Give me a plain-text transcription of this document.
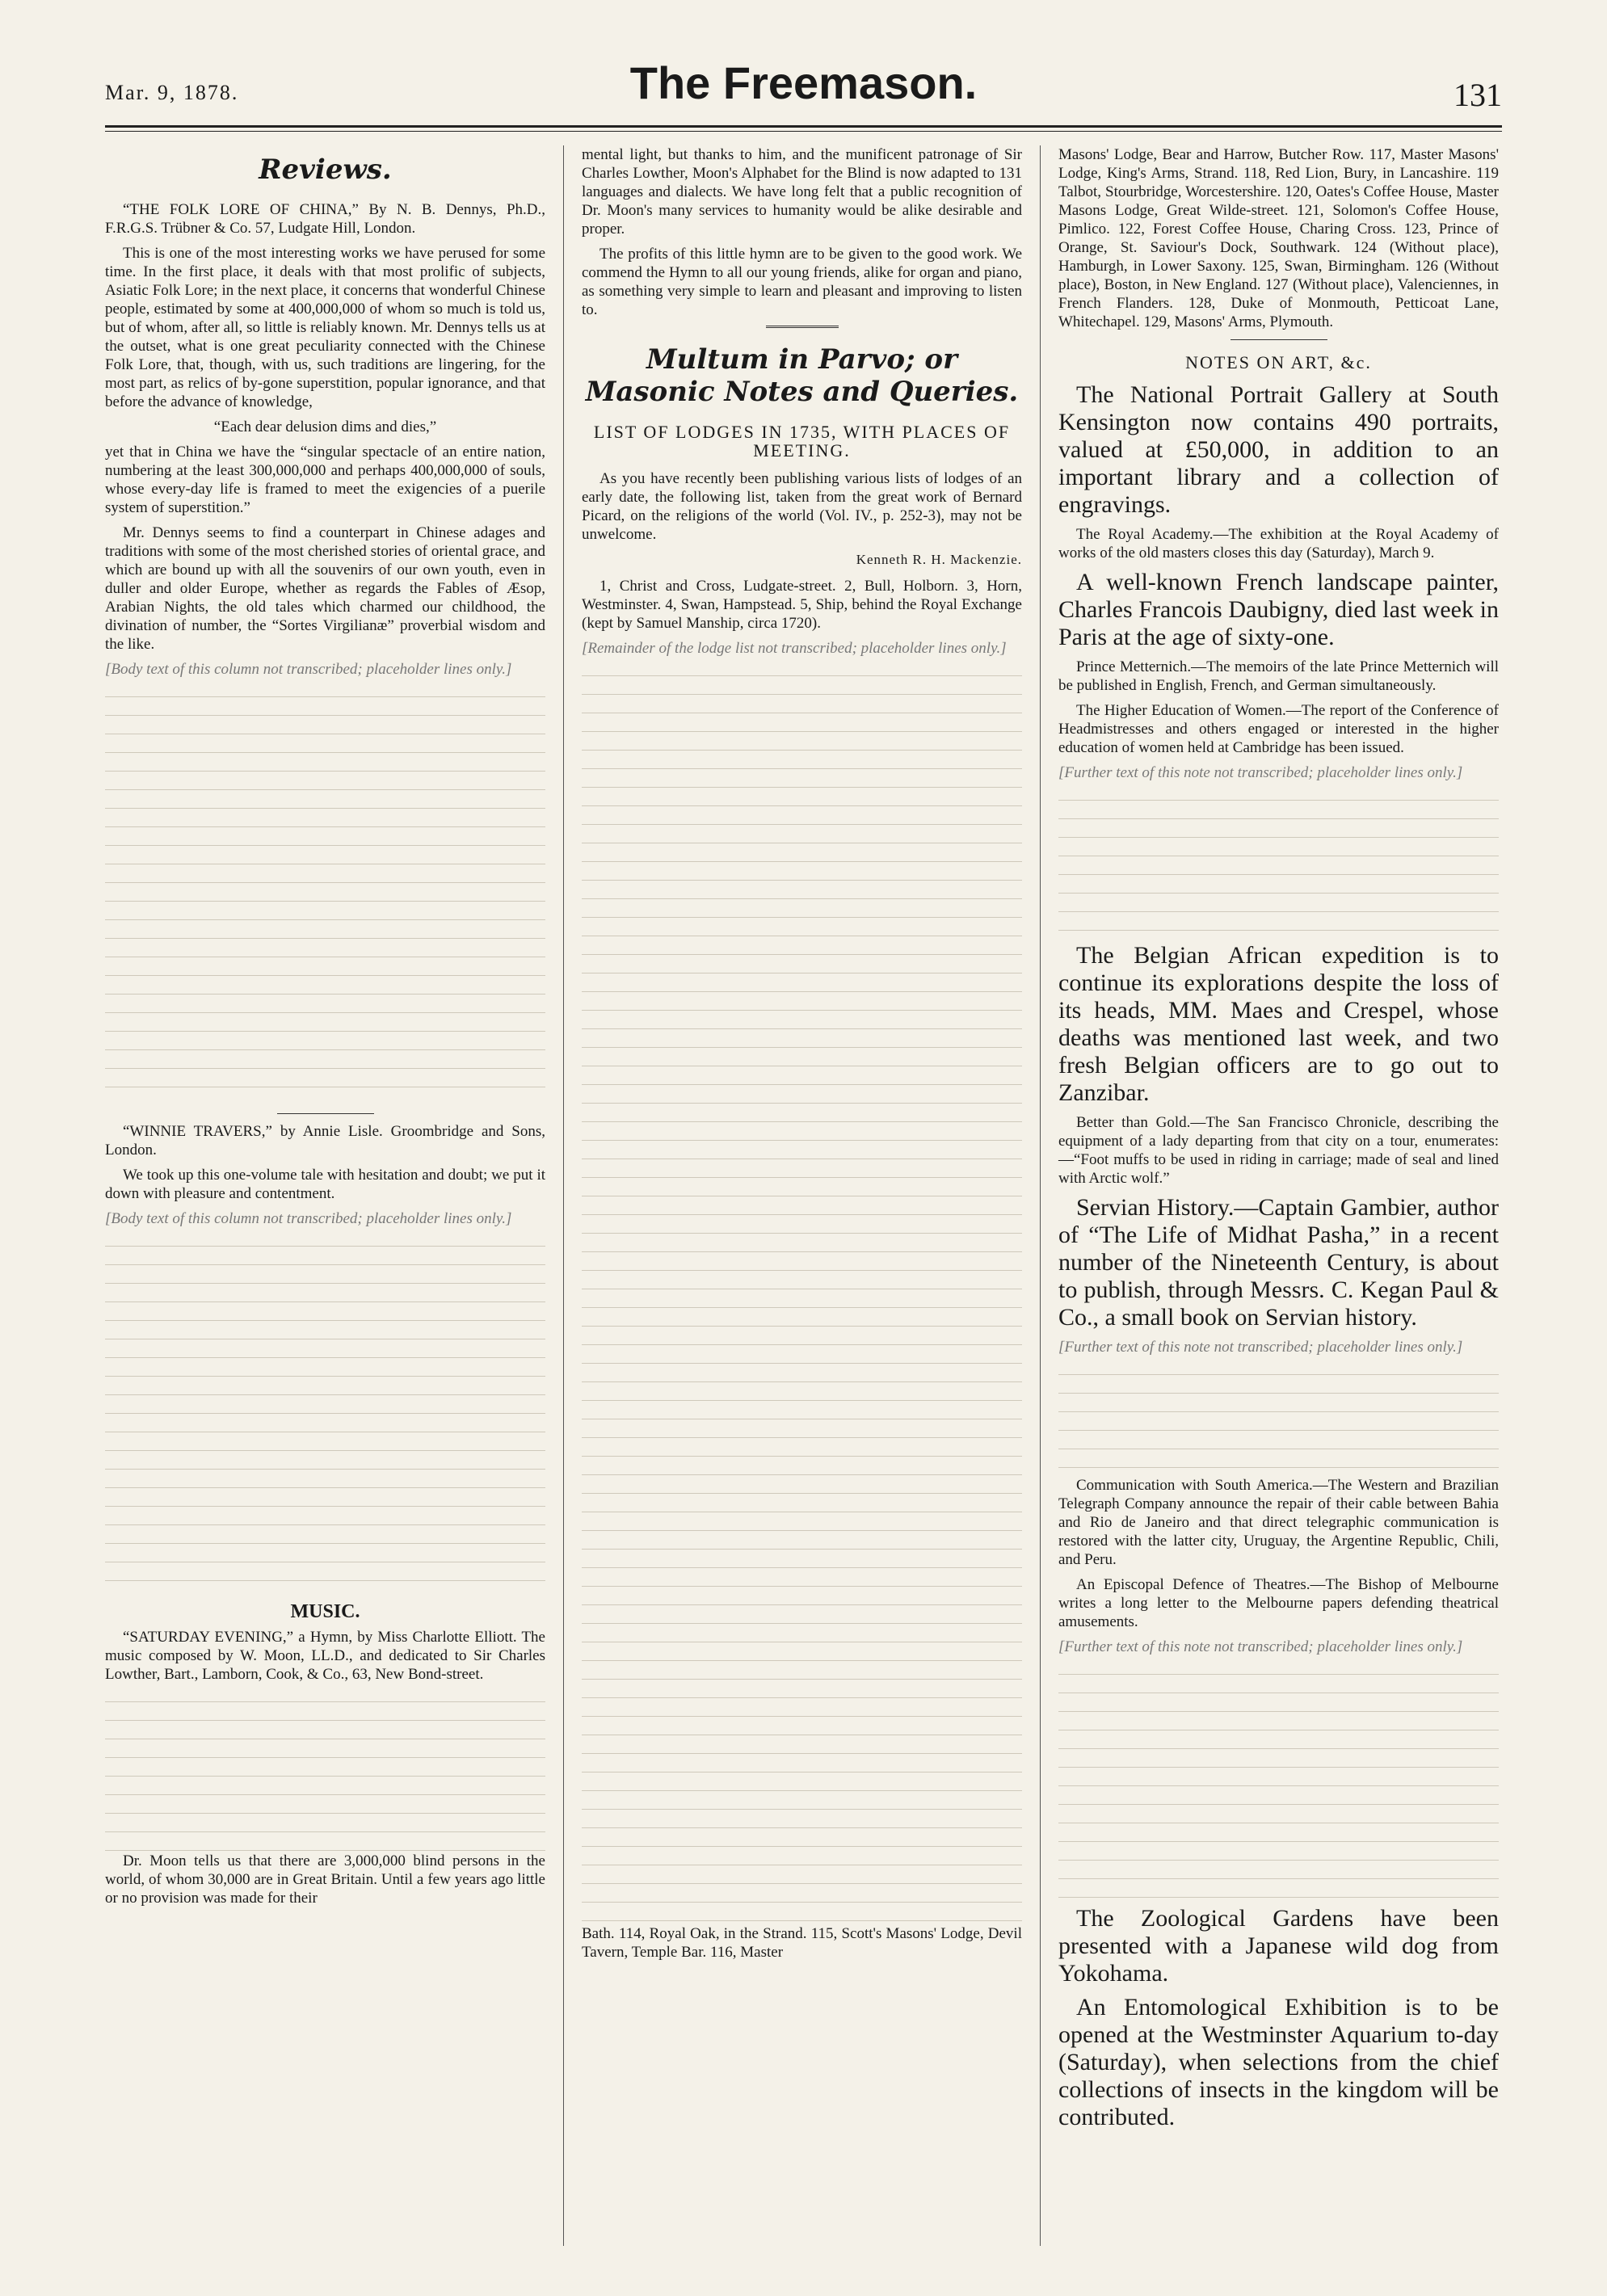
Mar. 9, 1878.	The Freemason.	131
Reviews.

“THE FOLK LORE OF CHINA,” By N. B. Dennys, Ph.D., F.R.G.S. Trübner & Co. 57, Ludgate Hill, London.

This is one of the most interesting works we have perused for some time. In the first place, it deals with that most prolific of subjects, Asiatic Folk Lore; in the next place, it concerns that wonderful Chinese people, estimated by some at 400,000,000 of whom so much is told us, but of whom, after all, so little is reliably known. Mr. Dennys tells us at the outset, what is one great peculiarity connected with the Chinese Folk Lore, that, though, with us, such traditions are lingering, for the most part, as relics of by-gone superstition, popular ignorance, and that before the advance of knowledge,

“Each dear delusion dims and dies,”

yet that in China we have the “singular spectacle of an entire nation, numbering at the least 300,000,000 and perhaps 400,000,000 of souls, whose every-day life is framed to meet the exigencies of a puerile system of superstition.”

Mr. Dennys seems to find a counterpart in Chinese adages and traditions with some of the most cherished stories of oriental grace, and which are bound up with all the souvenirs of our own youth, even in duller and older Europe, whether as regards the Fables of Æsop, Arabian Nights, the old tales which charmed our childhood, the divination of number, the “Sortes Virgilianæ” proverbial wisdom and the like.

[Body text of this column not transcribed; placeholder lines only.]

“WINNIE TRAVERS,” by Annie Lisle. Groombridge and Sons, London.

We took up this one-volume tale with hesitation and doubt; we put it down with pleasure and contentment.

[Body text of this column not transcribed; placeholder lines only.]

MUSIC.

“SATURDAY EVENING,” a Hymn, by Miss Charlotte Elliott. The music composed by W. Moon, LL.D., and dedicated to Sir Charles Lowther, Bart., Lamborn, Cook, & Co., 63, New Bond-street.

Dr. Moon tells us that there are 3,000,000 blind persons in the world, of whom 30,000 are in Great Britain. Until a few years ago little or no provision was made for their

mental light, but thanks to him, and the munificent patronage of Sir Charles Lowther, Moon's Alphabet for the Blind is now adapted to 131 languages and dialects. We have long felt that a public recognition of Dr. Moon's many services to humanity would be alike desirable and proper.

The profits of this little hymn are to be given to the good work. We commend the Hymn to all our young friends, alike for organ and piano, as something very simple to learn and pleasant and improving to listen to.

Multum in Parvo; or Masonic Notes and Queries.
LIST OF LODGES IN 1735, WITH PLACES OF MEETING.

As you have recently been publishing various lists of lodges of an early date, the following list, taken from the great work of Bernard Picard, on the religions of the world (Vol. IV., p. 252-3), may not be unwelcome.

Kenneth R. H. Mackenzie.

1, Christ and Cross, Ludgate-street. 2, Bull, Holborn. 3, Horn, Westminster. 4, Swan, Hampstead. 5, Ship, behind the Royal Exchange (kept by Samuel Manship, circa 1720).

[Remainder of the lodge list not transcribed; placeholder lines only.]

Bath. 114, Royal Oak, in the Strand. 115, Scott's Masons' Lodge, Devil Tavern, Temple Bar. 116, Master

Masons' Lodge, Bear and Harrow, Butcher Row. 117, Master Masons' Lodge, King's Arms, Strand. 118, Red Lion, Bury, in Lancashire. 119 Talbot, Stourbridge, Worcestershire. 120, Oates's Coffee House, Master Masons Lodge, Great Wilde-street. 121, Solomon's Coffee House, Pimlico. 122, Forest Coffee House, Charing Cross. 123, Prince of Orange, St. Saviour's Dock, Southwark. 124 (Without place), Hamburgh, in Lower Saxony. 125, Swan, Birmingham. 126 (Without place), Boston, in New England. 127 (Without place), Valenciennes, in French Flanders. 128, Duke of Monmouth, Petticoat Lane, Whitechapel. 129, Masons' Arms, Plymouth.

NOTES ON ART, &c.

The National Portrait Gallery at South Kensington now contains 490 portraits, valued at £50,000, in addition to an important library and a collection of engravings.

The Royal Academy.—The exhibition at the Royal Academy of works of the old masters closes this day (Saturday), March 9.

A well-known French landscape painter, Charles Francois Daubigny, died last week in Paris at the age of sixty-one.

Prince Metternich.—The memoirs of the late Prince Metternich will be published in English, French, and German simultaneously.

The Higher Education of Women.—The report of the Conference of Headmistresses and others engaged or interested in the higher education of women held at Cambridge has been issued.

[Further text of this note not transcribed; placeholder lines only.]

The Belgian African expedition is to continue its explorations despite the loss of its heads, MM. Maes and Crespel, whose deaths was mentioned last week, and two fresh Belgian officers are to go out to Zanzibar.

Better than Gold.—The San Francisco Chronicle, describing the equipment of a lady departing from that city on a tour, enumerates:—“Foot muffs to be used in riding in carriage; made of seal and lined with Arctic wolf.”

Servian History.—Captain Gambier, author of “The Life of Midhat Pasha,” in a recent number of the Nineteenth Century, is about to publish, through Messrs. C. Kegan Paul & Co., a small book on Servian history.

[Further text of this note not transcribed; placeholder lines only.]

Communication with South America.—The Western and Brazilian Telegraph Company announce the repair of their cable between Bahia and Rio de Janeiro and that direct telegraphic communication is restored with the latter city, Uruguay, the Argentine Republic, Chili, and Peru.

An Episcopal Defence of Theatres.—The Bishop of Melbourne writes a long letter to the Melbourne papers defending theatrical amusements.

[Further text of this note not transcribed; placeholder lines only.]

The Zoological Gardens have been presented with a Japanese wild dog from Yokohama.

An Entomological Exhibition is to be opened at the Westminster Aquarium to-day (Saturday), when selections from the chief collections of insects in the kingdom will be contributed.
